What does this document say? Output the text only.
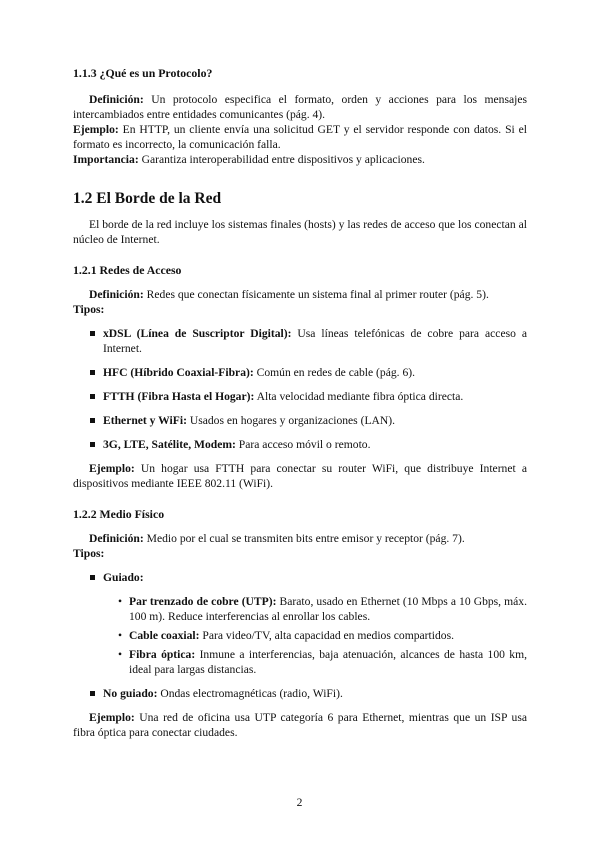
1.1.3 ¿Qué es un Protocolo?

Definición: Un protocolo especifica el formato, orden y acciones para los mensajes intercambiados entre entidades comunicantes (pág. 4).

Ejemplo: En HTTP, un cliente envía una solicitud GET y el servidor responde con datos. Si el formato es incorrecto, la comunicación falla.

Importancia: Garantiza interoperabilidad entre dispositivos y aplicaciones.

1.2 El Borde de la Red

El borde de la red incluye los sistemas finales (hosts) y las redes de acceso que los conectan al núcleo de Internet.

1.2.1 Redes de Acceso

Definición: Redes que conectan físicamente un sistema final al primer router (pág. 5).

Tipos:

xDSL (Línea de Suscriptor Digital): Usa líneas telefónicas de cobre para acceso a Internet.
HFC (Híbrido Coaxial-Fibra): Común en redes de cable (pág. 6).
FTTH (Fibra Hasta el Hogar): Alta velocidad mediante fibra óptica directa.
Ethernet y WiFi: Usados en hogares y organizaciones (LAN).
3G, LTE, Satélite, Modem: Para acceso móvil o remoto.

Ejemplo: Un hogar usa FTTH para conectar su router WiFi, que distribuye Internet a dispositivos mediante IEEE 802.11 (WiFi).

1.2.2 Medio Físico

Definición: Medio por el cual se transmiten bits entre emisor y receptor (pág. 7).

Tipos:

Guiado:
• Par trenzado de cobre (UTP): Barato, usado en Ethernet (10 Mbps a 10 Gbps, máx. 100 m). Reduce interferencias al enrollar los cables.
• Cable coaxial: Para video/TV, alta capacidad en medios compartidos.
• Fibra óptica: Inmune a interferencias, baja atenuación, alcances de hasta 100 km, ideal para largas distancias.
No guiado: Ondas electromagnéticas (radio, WiFi).

Ejemplo: Una red de oficina usa UTP categoría 6 para Ethernet, mientras que un ISP usa fibra óptica para conectar ciudades.

2
